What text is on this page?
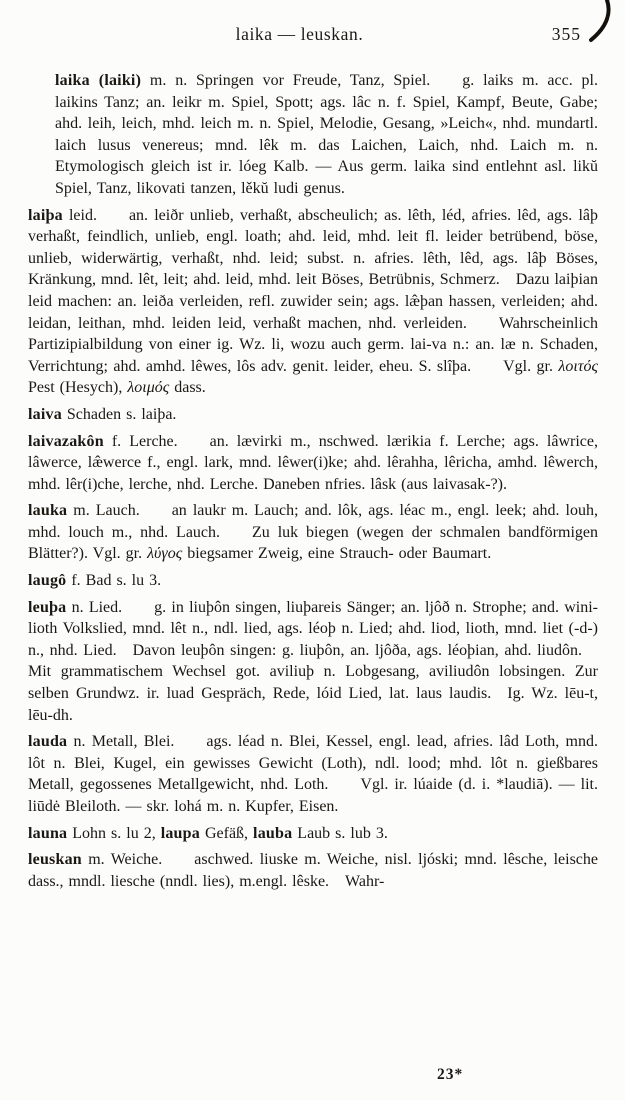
laika — leuskan.	355

laika (laiki) m. n. Springen vor Freude, Tanz, Spiel.  g. laiks m. acc. pl. laikins Tanz; an. leikr m. Spiel, Spott; ags. lâc n. f. Spiel, Kampf, Beute, Gabe; ahd. leih, leich, mhd. leich m. n. Spiel, Melodie, Gesang, »Leich«, nhd. mundartl. laich lusus venereus; mnd. lêk m. das Laichen, Laich, nhd. Laich m. n. Etymologisch gleich ist ir. lóeg Kalb. — Aus germ. laika sind entlehnt asl. likŭ Spiel, Tanz, likovati tanzen, lěkŭ ludi genus.

laiþa leid.  an. leiðr unlieb, verhaßt, abscheulich; as. lêth, léd, afries. lêd, ags. lâþ verhaßt, feindlich, unlieb, engl. loath; ahd. leid, mhd. leit fl. leider betrübend, böse, unlieb, widerwärtig, verhaßt, nhd. leid; subst. n. afries. lêth, lêd, ags. lâþ Böses, Kränkung, mnd. lêt, leit; ahd. leid, mhd. leit Böses, Betrübnis, Schmerz. Dazu laiþian leid machen: an. leiða verleiden, refl. zuwider sein; ags. læ̂þan hassen, verleiden; ahd. leidan, leithan, mhd. leiden leid, verhaßt machen, nhd. verleiden.  Wahrscheinlich Partizipialbildung von einer ig. Wz. li, wozu auch germ. lai-va n.: an. læ n. Schaden, Verrichtung; ahd. amhd. lêwes, lôs adv. genit. leider, eheu. S. slîþa.  Vgl. gr. λοιτός Pest (Hesych), λοιμός dass.

laiva Schaden s. laiþa.

laivazakôn f. Lerche.  an. lævirki m., nschwed. lærikia f. Lerche; ags. lâwrice, lâwerce, læ̂werce f., engl. lark, mnd. lêwer(i)ke; ahd. lêrahha, lêricha, amhd. lêwerch, mhd. lêr(i)che, lerche, nhd. Lerche. Daneben nfries. lâsk (aus laivasak-?).

lauka m. Lauch.  an laukr m. Lauch; and. lôk, ags. léac m., engl. leek; ahd. louh, mhd. louch m., nhd. Lauch.  Zu luk biegen (wegen der schmalen bandförmigen Blätter?). Vgl. gr. λύγος biegsamer Zweig, eine Strauch- oder Baumart.

laugô f. Bad s. lu 3.

leuþa n. Lied.  g. in liuþôn singen, liuþareis Sänger; an. ljôð n. Strophe; and. wini-lioth Volkslied, mnd. lêt n., ndl. lied, ags. léoþ n. Lied; ahd. liod, lioth, mnd. liet (-d-) n., nhd. Lied. Davon leuþôn singen: g. liuþôn, an. ljôða, ags. léoþian, ahd. liudôn. Mit grammatischem Wechsel got. aviliuþ n. Lobgesang, aviliudôn lobsingen. Zur selben Grundwz. ir. luad Gespräch, Rede, lóid Lied, lat. laus laudis. Ig. Wz. lēu-t, lēu-dh.

lauda n. Metall, Blei.  ags. léad n. Blei, Kessel, engl. lead, afries. lâd Loth, mnd. lôt n. Blei, Kugel, ein gewisses Gewicht (Loth), ndl. lood; mhd. lôt n. gießbares Metall, gegossenes Metallgewicht, nhd. Loth.  Vgl. ir. lúaide (d. i. *laudiā). — lit. liūdė Bleiloth. — skr. lohá m. n. Kupfer, Eisen.

launa Lohn s. lu 2, laupa Gefäß, lauba Laub s. lub 3.

leuskan m. Weiche.  aschwed. liuske m. Weiche, nisl. ljóski; mnd. lêsche, leische dass., mndl. liesche (nndl. lies), m.engl. lêske. Wahr-

23*
